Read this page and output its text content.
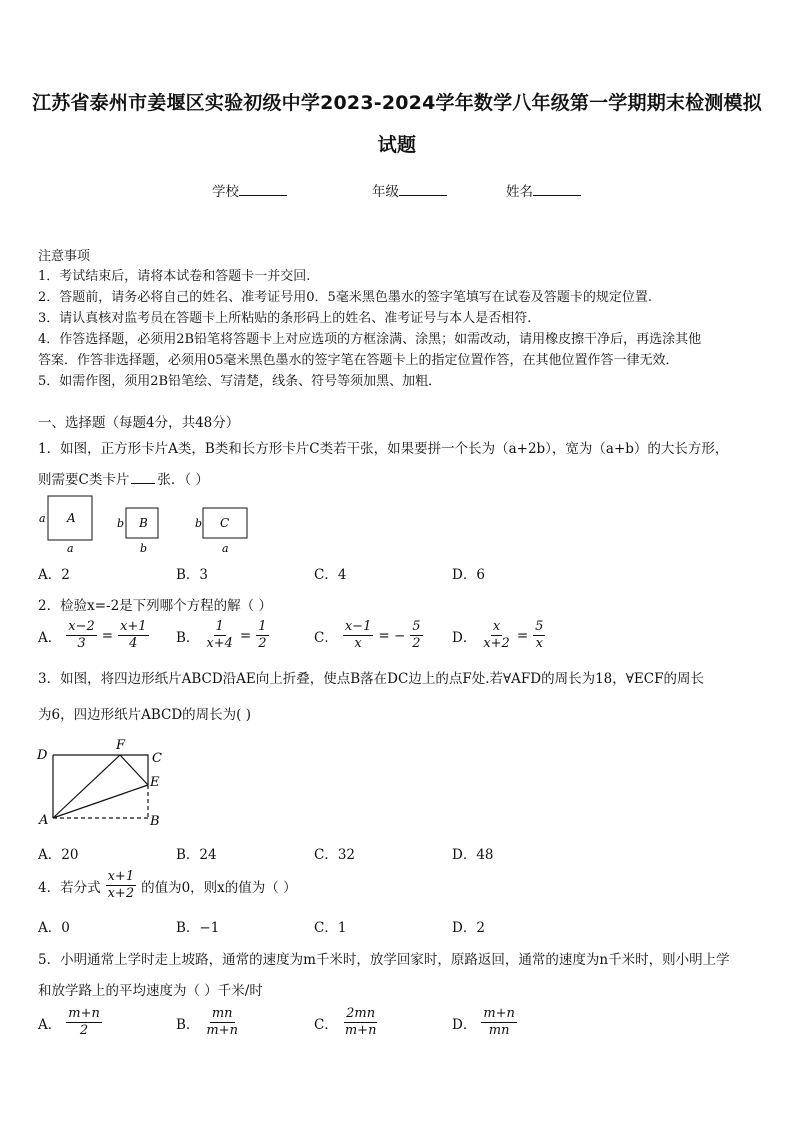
江苏省泰州市姜堰区实验初级中学2023-2024学年数学八年级第一学期期末检测模拟
试题
学校	年级	姓名
注意事项
1．考试结束后，请将本试卷和答题卡一并交回.
2．答题前，请务必将自己的姓名、准考证号用0．5毫米黑色墨水的签字笔填写在试卷及答题卡的规定位置.
3．请认真核对监考员在答题卡上所粘贴的条形码上的姓名、准考证号与本人是否相符.
4．作答选择题，必须用2B铅笔将答题卡上对应选项的方框涂满、涂黑；如需改动，请用橡皮擦干净后，再选涂其他
答案．作答非选择题，必须用05毫米黑色墨水的签字笔在答题卡上的指定位置作答，在其他位置作答一律无效．
5．如需作图，须用2B铅笔绘、写清楚，线条、符号等须加黑、加粗．
一、选择题（每题4分，共48分）
1．如图，正方形卡片A类，B类和长方形卡片C类若干张，如果要拼一个长为（a+2b），宽为（a+b）的大长方形，
则需要C类卡片 张．（ ）
A
a
a
B
b
b
C
b
a
A．2	B．3	C．4	D．6
2．检验x=-2是下列哪个方程的解（ ）
A． $\frac{x-2}{3} = \frac{x+1}{4}$ B． $\frac{1}{x+4} = \frac{1}{2}$	C． $\frac{x-1}{x}$ = − $\frac{5}{2}$ D． $\frac{x}{x+2} = \frac{5}{x}$
3．如图，将四边形纸片ABCD沿AE向上折叠，使点B落在DC边上的点F处.若∀AFD的周长为18，∀ECF的周长
为6，四边形纸片ABCD的周长为( )
D
F
C
E
A	B
A．20	B．24	C．32	D．48
4．若分式 $\frac{x+1}{x+2}$ 的值为0，则x的值为（ ）
A．0	B．−1	C．1	D．2
5．小明通常上学时走上坡路，通常的速度为m千米时，放学回家时，原路返回，通常的速度为n千米时，则小明上学
和放学路上的平均速度为（ ）千米/时
A． $\frac{m+n}{2}$	B． $\frac{mn}{m+n}$	C． $\frac{2mn}{m+n}$	D． $\frac{m+n}{mn}$
